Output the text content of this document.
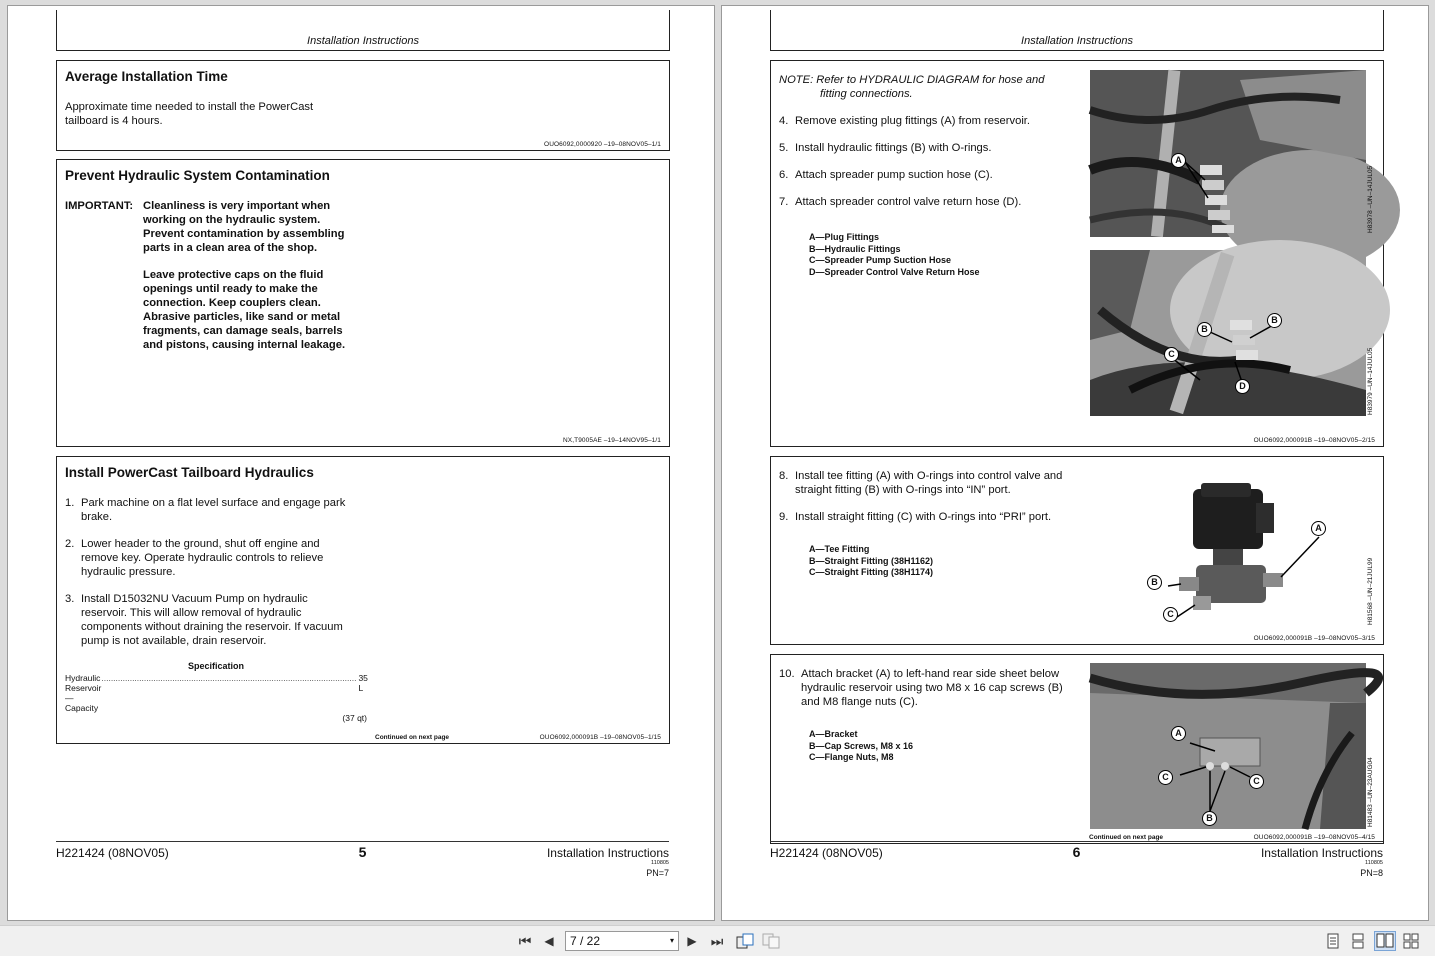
Installation Instructions
Average Installation Time
Approximate time needed to install the PowerCast
tailboard is 4 hours.
OUO6092,0000920 –19–08NOV05–1/1
Prevent Hydraulic System Contamination
IMPORTANT: Cleanliness is very important when
working on the hydraulic system.
Prevent contamination by assembling
parts in a clean area of the shop.
Leave protective caps on the fluid
openings until ready to make the
connection. Keep couplers clean.
Abrasive particles, like sand or metal
fragments, can damage seals, barrels
and pistons, causing internal leakage.
NX,T9005AE –19–14NOV95–1/1
Install PowerCast Tailboard Hydraulics
1. Park machine on a flat level surface and engage park
brake.
2. Lower header to the ground, shut off engine and
remove key. Operate hydraulic controls to relieve
hydraulic pressure.
3. Install D15032NU Vacuum Pump on hydraulic
reservoir. This will allow removal of hydraulic
components without draining the reservoir. If vacuum
pump is not available, drain reservoir.
Specification
Hydraulic Reservoir—Capacity
............................................................................................................ 35 L
(37 qt)
Continued on next page	OUO6092,000091B –19–08NOV05–1/15
H221424 (08NOV05)	5	Installation Instructions
110805
PN=7
Installation Instructions
NOTE: Refer to HYDRAULIC DIAGRAM for hose and
fitting connections.
4. Remove existing plug fittings (A) from reservoir.
5. Install hydraulic fittings (B) with O-rings.
6. Attach spreader pump suction hose (C).
7. Attach spreader control valve return hose (D).
A—Plug Fittings
B—Hydraulic Fittings
C—Spreader Pump Suction Hose
D—Spreader Control Valve Return Hose
A
H83978 –UN–14JUL05
B
B
C
D	H83979 –UN–14JUL05
OUO6092,000091B –19–08NOV05–2/15
8. Install tee fitting (A) with O-rings into control valve and
straight fitting (B) with O-rings into “IN” port.
9. Install straight fitting (C) with O-rings into “PRI” port.
A—Tee Fitting
B—Straight Fitting (38H1162)
C—Straight Fitting (38H1174)
A
B
C	H81568 –UN–21JUL99
OUO6092,000091B –19–08NOV05–3/15
10. Attach bracket (A) to left-hand rear side sheet below
hydraulic reservoir using two M8 x 16 cap screws (B)
and M8 flange nuts (C).
A—Bracket
B—Cap Screws, M8 x 16
C—Flange Nuts, M8
A
C	C
B	H81483 –UN–23AUG04
Continued on next page	OUO6092,000091B –19–08NOV05–4/15
H221424 (08NOV05)	6	Installation Instructions
110805
PN=8
⏮	◀	7 / 22	▾ ▶ ⏭
